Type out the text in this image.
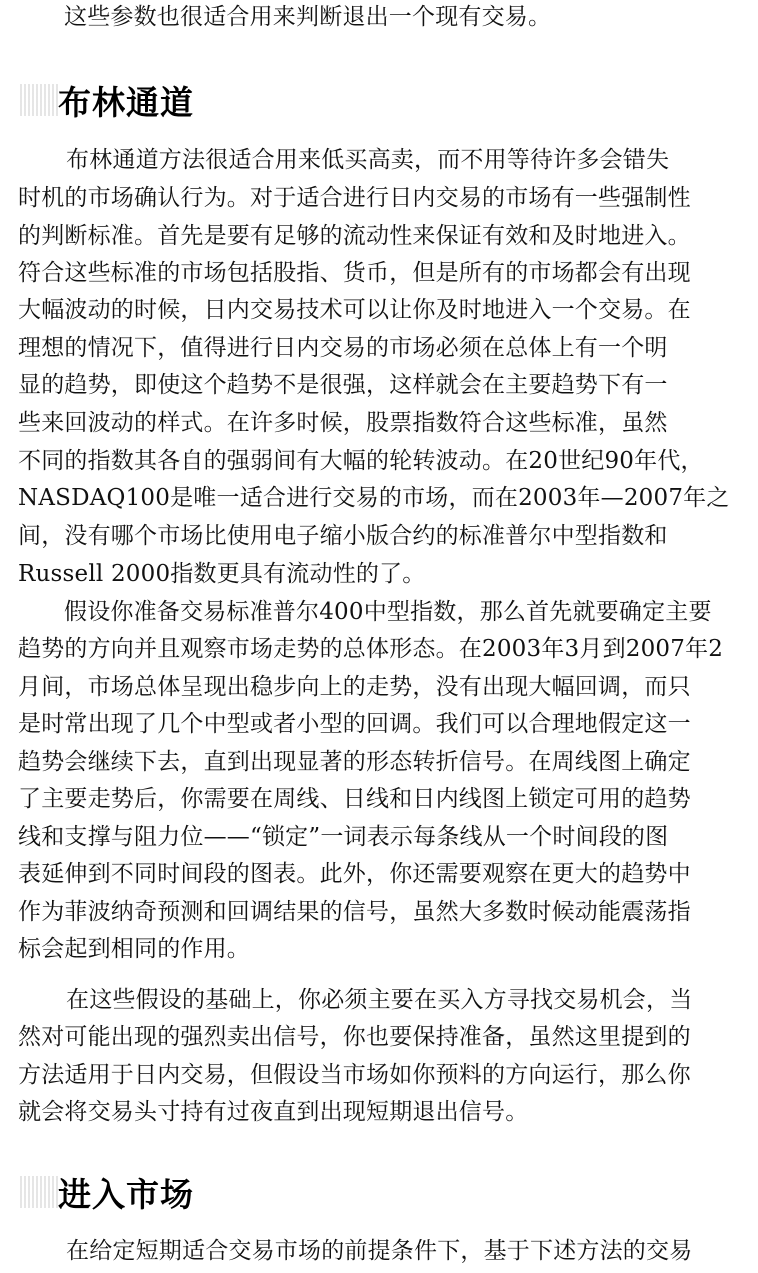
这些参数也很适合用来判断退出一个现有交易。
布林通道
布林通道方法很适合用来低买高卖，而不用等待许多会错失
时机的市场确认行为。对于适合进行日内交易的市场有一些强制性
的判断标准。首先是要有足够的流动性来保证有效和及时地进入。
符合这些标准的市场包括股指、货币，但是所有的市场都会有出现
大幅波动的时候，日内交易技术可以让你及时地进入一个交易。在
理想的情况下，值得进行日内交易的市场必须在总体上有一个明
显的趋势，即使这个趋势不是很强，这样就会在主要趋势下有一
些来回波动的样式。在许多时候，股票指数符合这些标准，虽然
不同的指数其各自的强弱间有大幅的轮转波动。在20世纪90年代，
NASDAQ100是唯一适合进行交易的市场，而在2003年—2007年之
间，没有哪个市场比使用电子缩小版合约的标准普尔中型指数和
Russell 2000指数更具有流动性的了。
假设你准备交易标准普尔400中型指数，那么首先就要确定主要
趋势的方向并且观察市场走势的总体形态。在2003年3月到2007年2
月间，市场总体呈现出稳步向上的走势，没有出现大幅回调，而只
是时常出现了几个中型或者小型的回调。我们可以合理地假定这一
趋势会继续下去，直到出现显著的形态转折信号。在周线图上确定
了主要走势后，你需要在周线、日线和日内线图上锁定可用的趋势
线和支撑与阻力位——“锁定”一词表示每条线从一个时间段的图
表延伸到不同时间段的图表。此外，你还需要观察在更大的趋势中
作为菲波纳奇预测和回调结果的信号，虽然大多数时候动能震荡指
标会起到相同的作用。
在这些假设的基础上，你必须主要在买入方寻找交易机会，当
然对可能出现的强烈卖出信号，你也要保持准备，虽然这里提到的
方法适用于日内交易，但假设当市场如你预料的方向运行，那么你
就会将交易头寸持有过夜直到出现短期退出信号。
进入市场
在给定短期适合交易市场的前提条件下，基于下述方法的交易
